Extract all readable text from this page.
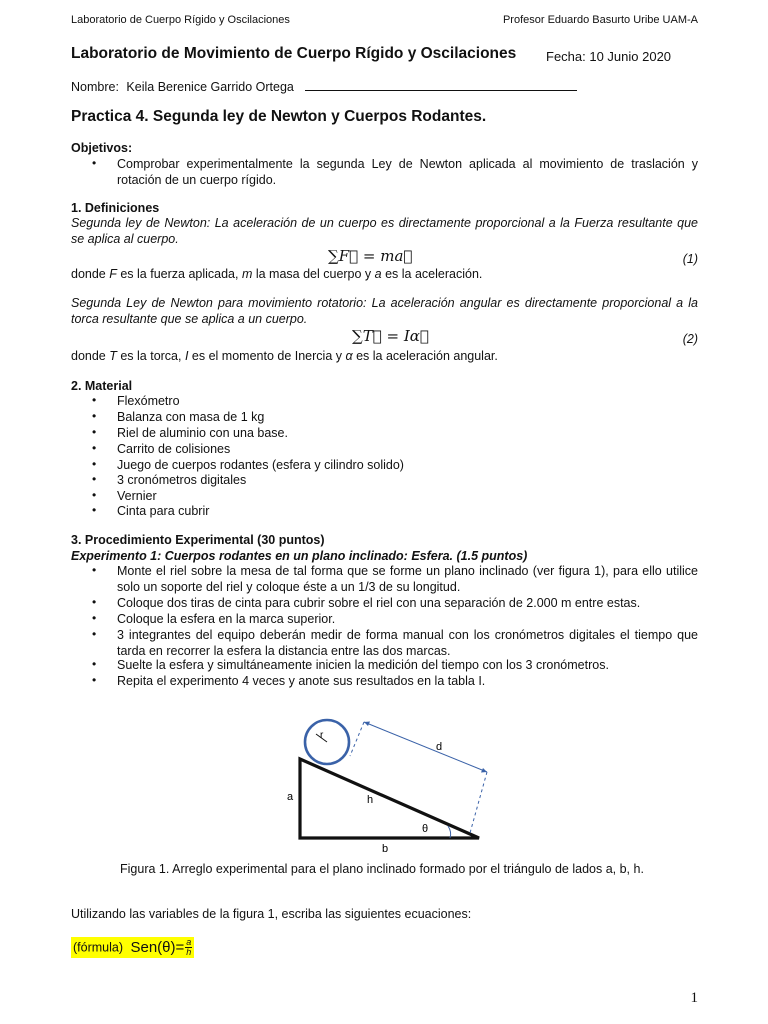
Laboratorio de Cuerpo Rígido y Oscilaciones	Profesor Eduardo Basurto Uribe UAM-A
Laboratorio de Movimiento de Cuerpo Rígido y Oscilaciones Fecha: 10 Junio 2020
Nombre: Keila Berenice Garrido Ortega
Practica 4. Segunda ley de Newton y Cuerpos Rodantes.
Objetivos:
• Comprobar experimentalmente la segunda Ley de Newton aplicada al movimiento de traslación y rotación de un cuerpo rígido.
1. Definiciones
Segunda ley de Newton: La aceleración de un cuerpo es directamente proporcional a la Fuerza resultante que se aplica al cuerpo.
∑F⃗ = ma⃗	(1)
donde F es la fuerza aplicada, m la masa del cuerpo y a es la aceleración.
Segunda Ley de Newton para movimiento rotatorio: La aceleración angular es directamente proporcional a la torca resultante que se aplica a un cuerpo.
∑T⃗ = Iα⃗	(2)
donde T es la torca, I es el momento de Inercia y α es la aceleración angular.
2. Material
• Flexómetro
• Balanza con masa de 1 kg
• Riel de aluminio con una base.
• Carrito de colisiones
• Juego de cuerpos rodantes (esfera y cilindro solido)
• 3 cronómetros digitales
• Vernier
• Cinta para cubrir
3. Procedimiento Experimental (30 puntos)
Experimento 1: Cuerpos rodantes en un plano inclinado: Esfera. (1.5 puntos)
• Monte el riel sobre la mesa de tal forma que se forme un plano inclinado (ver figura 1), para ello utilice solo un soporte del riel y coloque éste a un 1/3 de su longitud.
• Coloque dos tiras de cinta para cubrir sobre el riel con una separación de 2.000 m entre estas.
• Coloque la esfera en la marca superior.
• 3 integrantes del equipo deberán medir de forma manual con los cronómetros digitales el tiempo que tarda en recorrer la esfera la distancia entre las dos marcas.
• Suelte la esfera y simultáneamente inicien la medición del tiempo con los 3 cronómetros.
• Repita el experimento 4 veces y anote sus resultados en la tabla I.
r
d
a	h
b
θ
Figura 1. Arreglo experimental para el plano inclinado formado por el triángulo de lados a, b, h.
Utilizando las variables de la figura 1, escriba las siguientes ecuaciones:
(fórmula) $Sen(\theta)= \frac{a}{h}$
1
